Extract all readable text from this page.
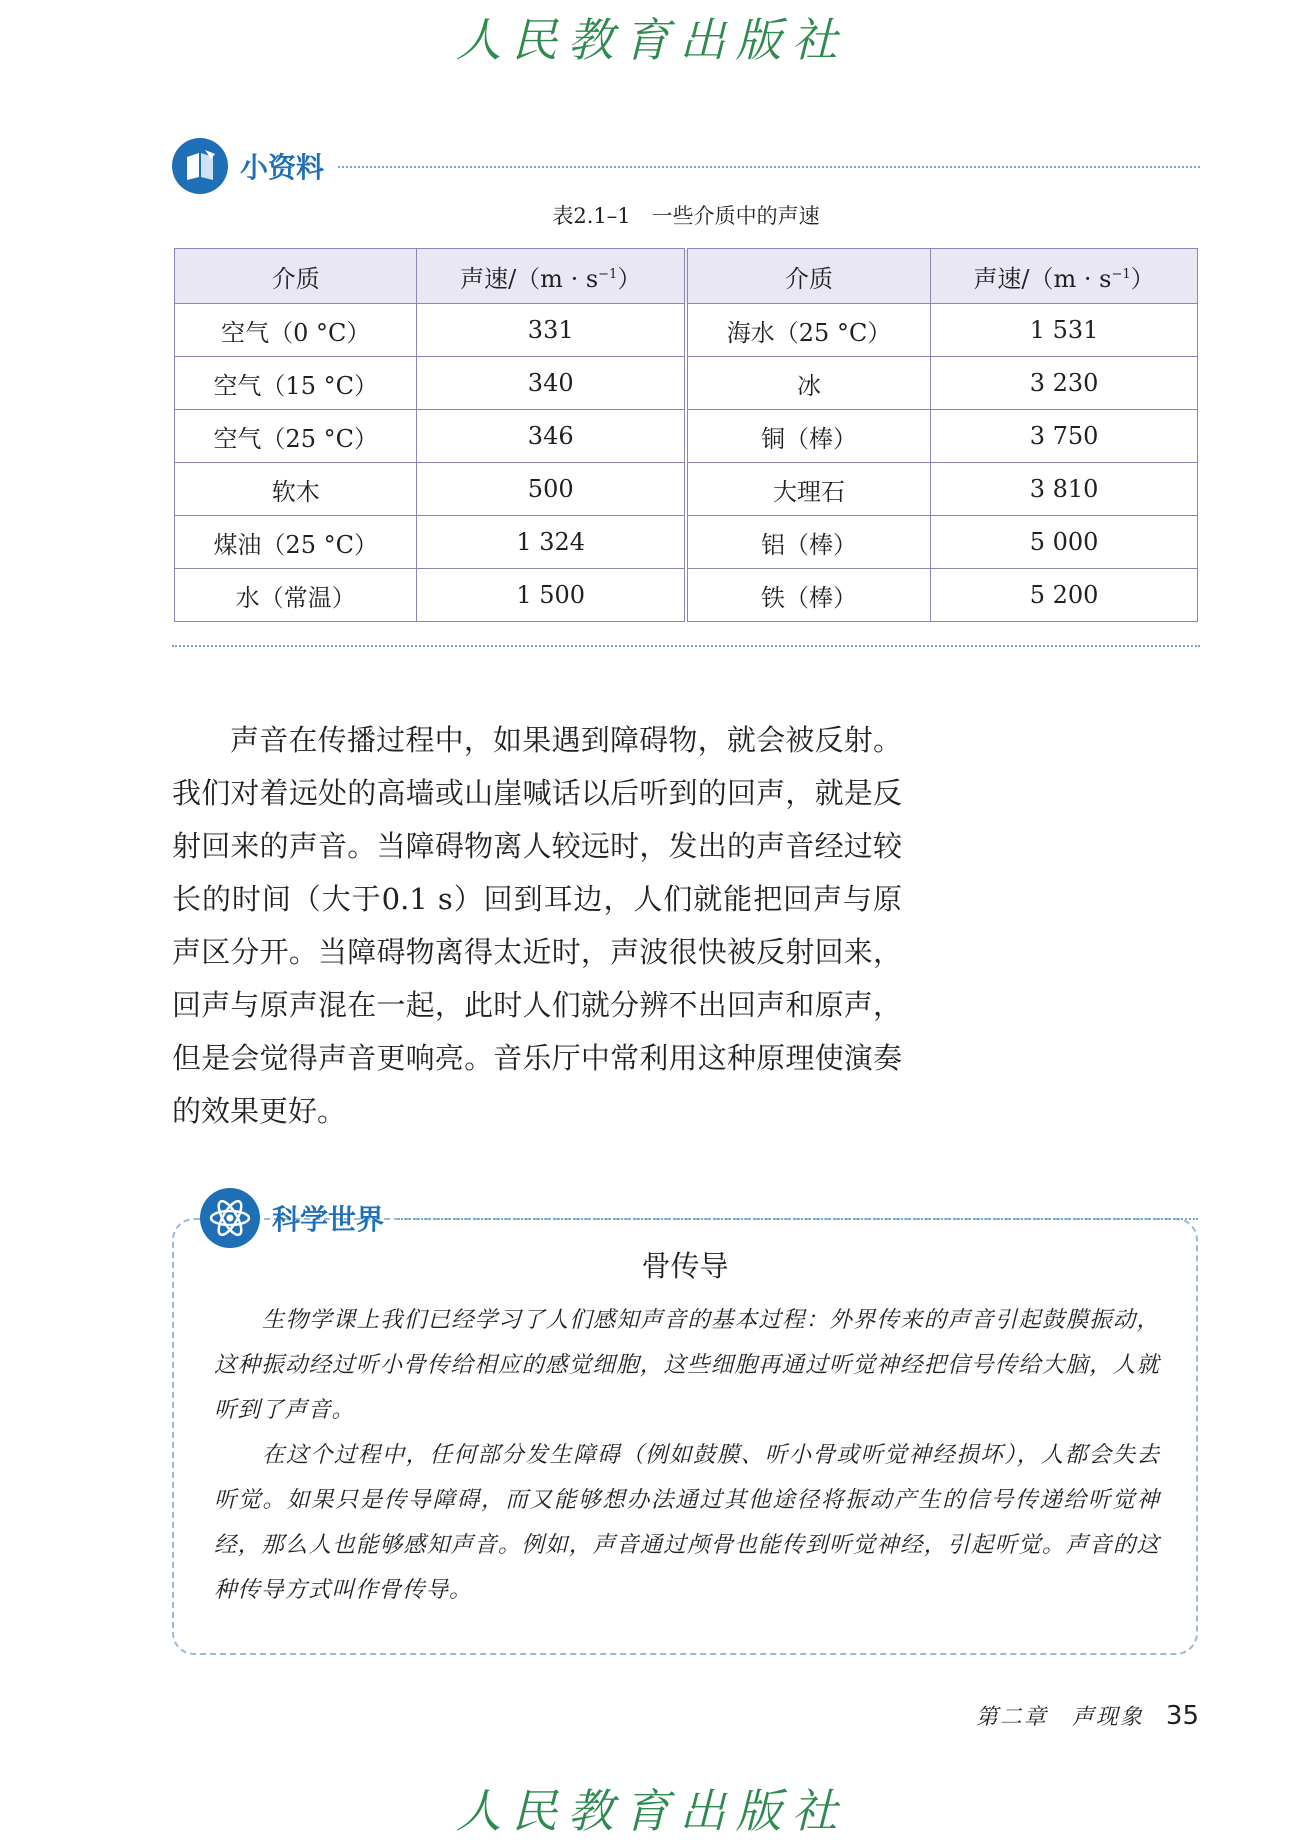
人民教育出版社
小资料
表2.1–1　一些介质中的声速
介质	声速$/(m \cdot s^{-1})$	介质	声速$/(m \cdot s^{-1})$
空气（0 °C）	331	海水（25 °C）	1 531
空气（15 °C）	340	冰	3 230
空气（25 °C）	346	铜（棒）	3 750
软木	500	大理石	3 810
煤油（25 °C）	1 324	铝（棒）	5 000
水（常温）	1 500	铁（棒）	5 200

声音在传播过程中，如果遇到障碍物，就会被反射。我们对着远处的高墙或山崖喊话以后听到的回声，就是反射回来的声音。当障碍物离人较远时，发出的声音经过较长的时间（大于0.1 s）回到耳边，人们就能把回声与原声区分开。当障碍物离得太近时，声波很快被反射回来，回声与原声混在一起，此时人们就分辨不出回声和原声，但是会觉得声音更响亮。音乐厅中常利用这种原理使演奏的效果更好。

科学世界
骨传导

生物学课上我们已经学习了人们感知声音的基本过程：外界传来的声音引起鼓膜振动，这种振动经过听小骨传给相应的感觉细胞，这些细胞再通过听觉神经把信号传给大脑，人就听到了声音。

在这个过程中，任何部分发生障碍（例如鼓膜、听小骨或听觉神经损坏），人都会失去听觉。如果只是传导障碍，而又能够想办法通过其他途径将振动产生的信号传递给听觉神经，那么人也能够感知声音。例如，声音通过颅骨也能传到听觉神经，引起听觉。声音的这种传导方式叫作骨传导。

第二章　声现象 35
人民教育出版社
